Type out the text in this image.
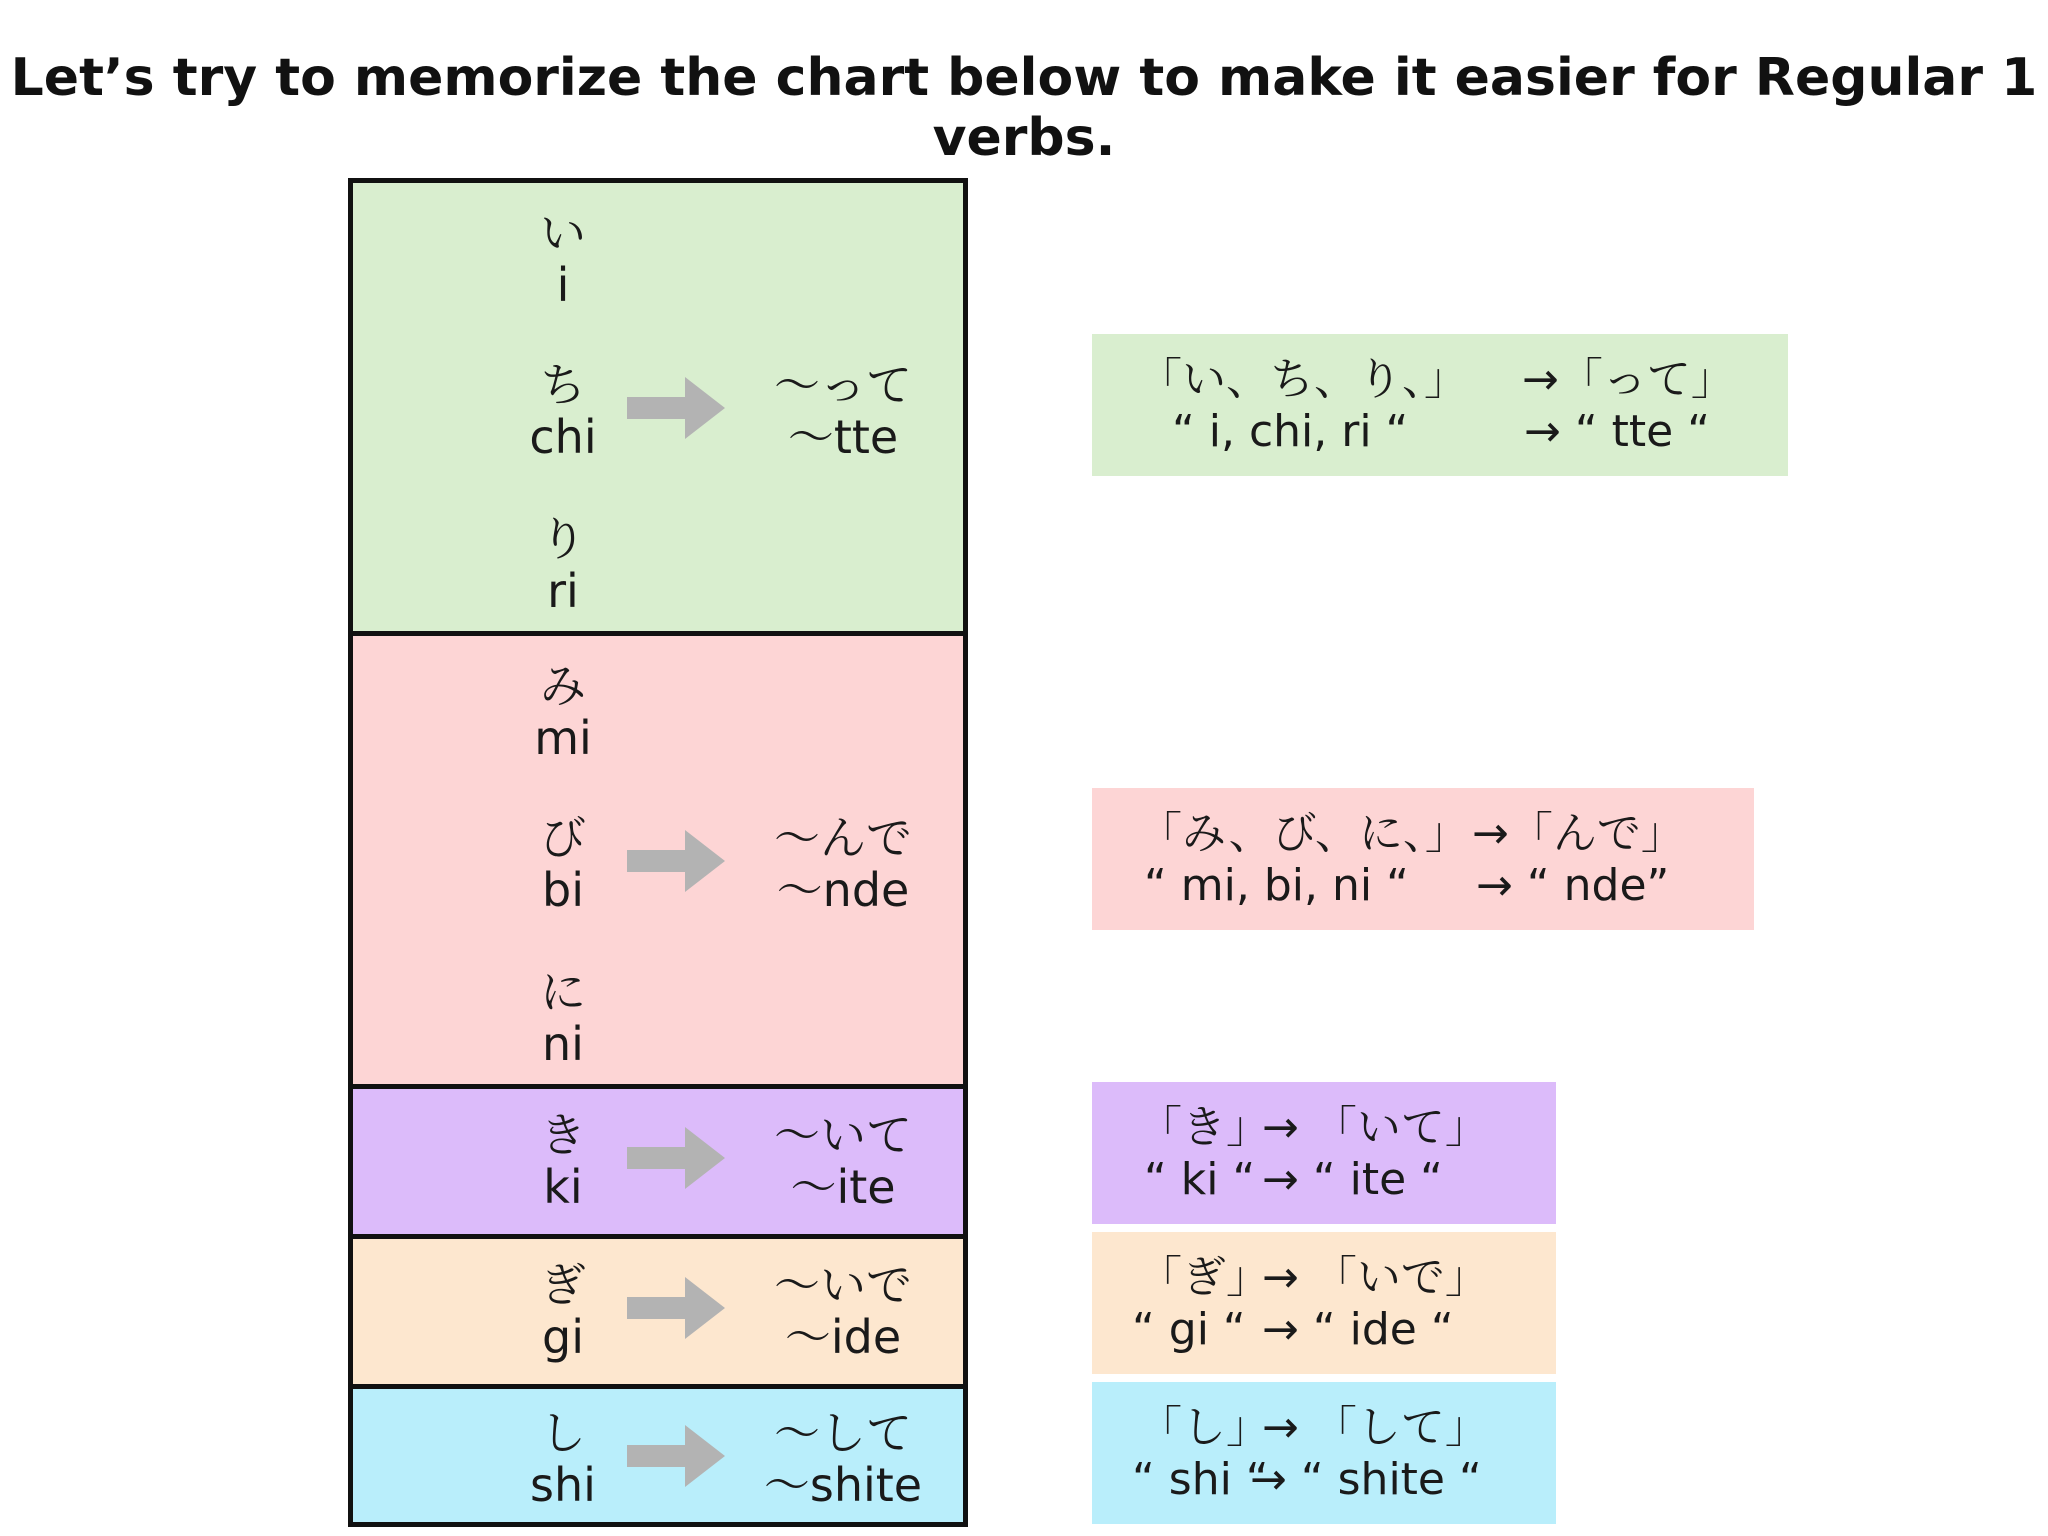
Let’s try to memorize the chart below to make it easier for Regular 1 verbs.
い
i
ち
chi
り
ri
〜って
〜tte
み
mi
び
bi
に
ni
〜んで
〜nde
き
ki
〜いて
〜ite
ぎ
gi
〜いで
〜ide
し
shi
〜して
〜shite
「い、ち、り、」 →「って」
“ i, chi, ri “	→ “ tte “
「み、び、に、」 →「んで」
“ mi, bi, ni “ → “ nde”
「き」
→ 「いて」
“ ki “ → “ ite “
「ぎ」
→ 「いで」
“ gi “ → “ ide “
「し」
→ 「して」
“ shi “
→ “ shite “
